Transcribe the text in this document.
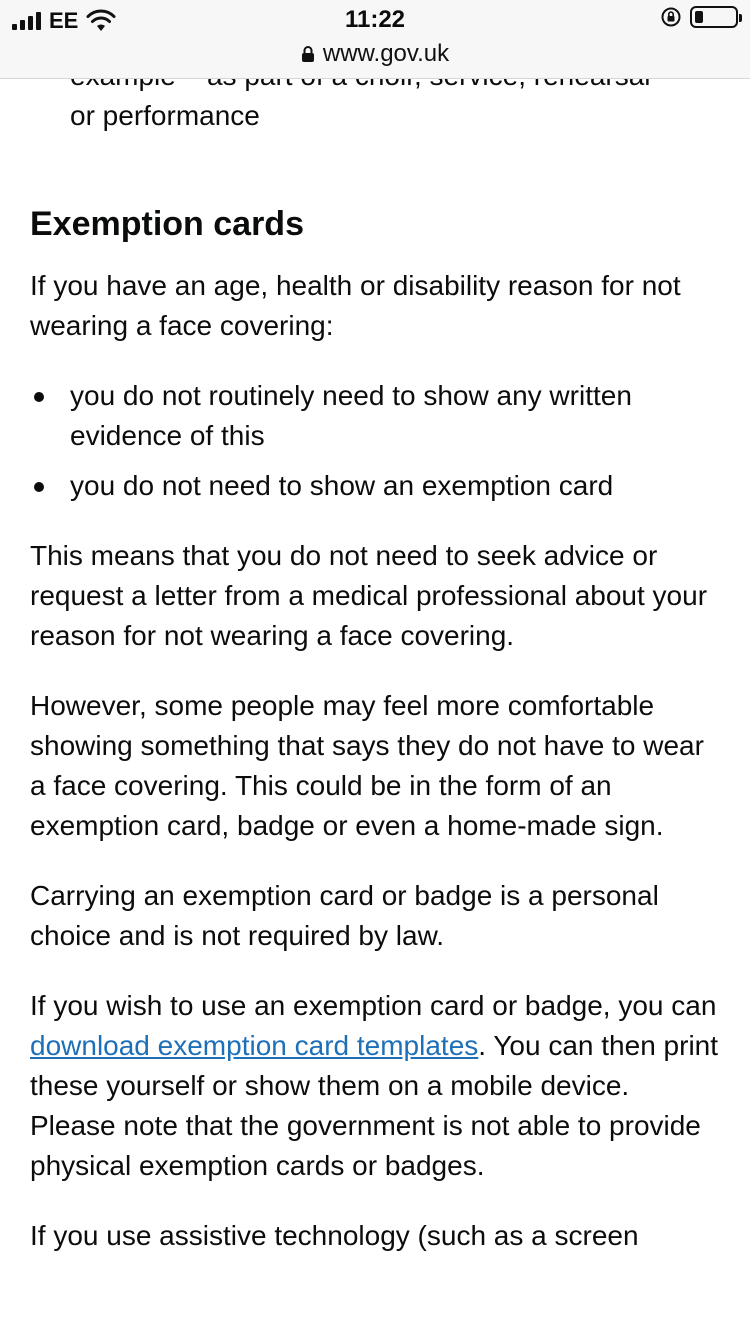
EE	11:22
www.gov.uk

or performance

Exemption cards

If you have an age, health or disability reason for not wearing a face covering:

you do not routinely need to show any written evidence of this
you do not need to show an exemption card

This means that you do not need to seek advice or request a letter from a medical professional about your reason for not wearing a face covering.

However, some people may feel more comfortable showing something that says they do not have to wear a face covering. This could be in the form of an exemption card, badge or even a home-made sign.

Carrying an exemption card or badge is a personal choice and is not required by law.

If you wish to use an exemption card or badge, you can download exemption card templates. You can then print these yourself or show them on a mobile device. Please note that the government is not able to provide physical exemption cards or badges.

If you use assistive technology (such as a screen
